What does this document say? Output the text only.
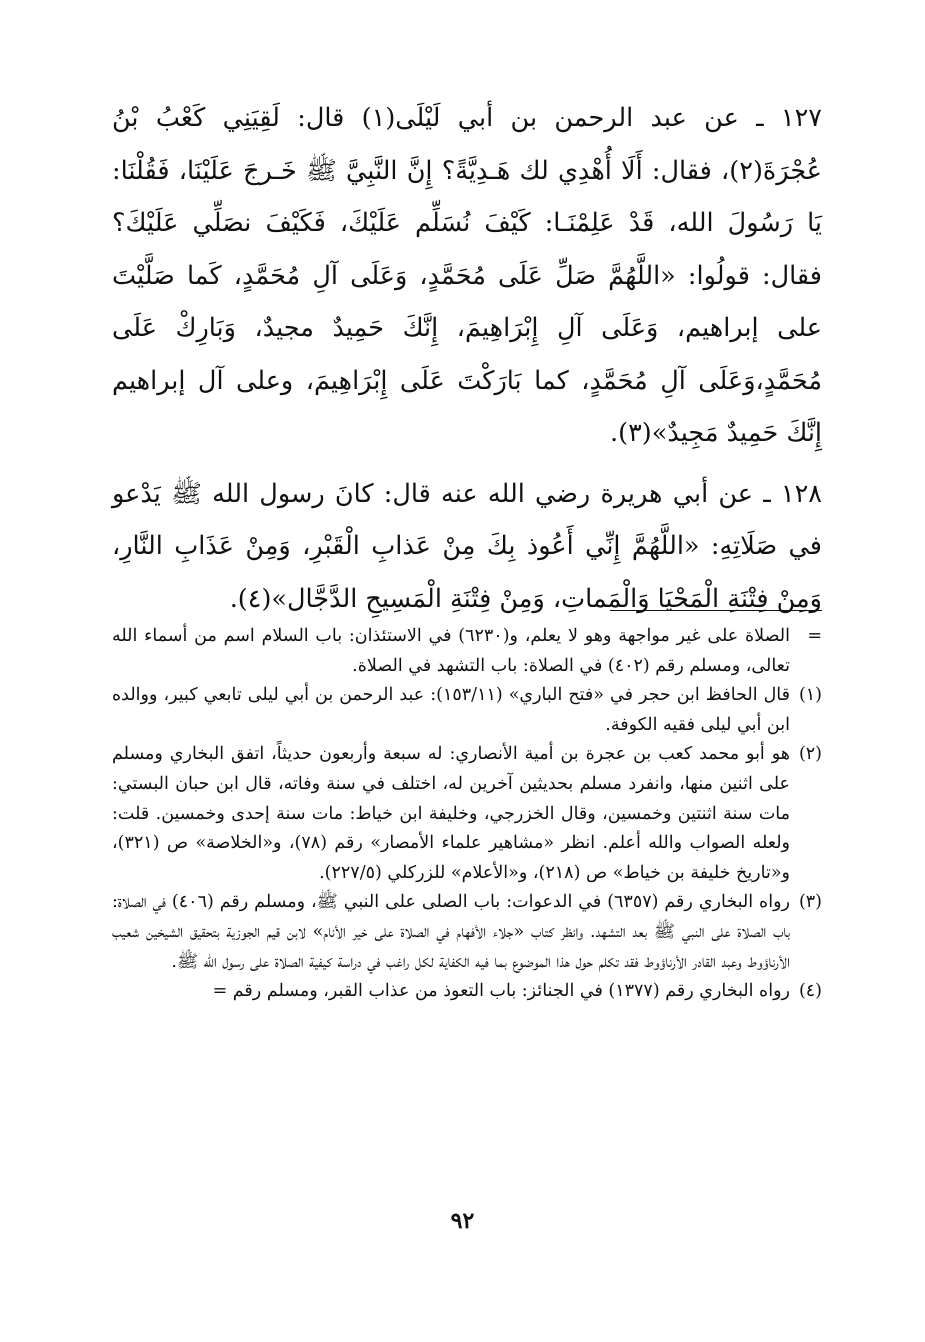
١٢٧ ـ عن عبد الرحمن بن أبي لَيْلَى(١) قال: لَقِيَنِي كَعْبُ بْنُ عُجْرَةَ(٢)، فقال: أَلَا أُهْدِي لك هَـدِيَّةً؟ إِنَّ النَّبِيَّ ﷺ خَـرجَ عَلَيْنَا، فَقُلْنَا: يَا رَسُولَ الله، قَدْ عَلِمْنَـا: كَيْفَ نُسَلِّم عَلَيْكَ، فَكَيْفَ نصَلِّي عَلَيْكَ؟ فقال: قولُوا: «اللَّهُمَّ صَلِّ عَلَى مُحَمَّدٍ، وَعَلَى آلِ مُحَمَّدٍ، كَما صَلَّيْتَ على إبراهيم، وَعَلَى آلِ إِبْرَاهِيمَ، إِنَّكَ حَمِيدٌ مجيدٌ، وَبَارِكْ عَلَى مُحَمَّدٍ،وَعَلَى آلِ مُحَمَّدٍ، كما بَارَكْتَ عَلَى إِبْرَاهِيمَ، وعلى آل إبراهيم إِنَّكَ حَمِيدٌ مَجِيدٌ»(٣).

١٢٨ ـ عن أبي هريرة رضي الله عنه قال: كانَ رسول الله ﷺ يَدْعو في صَلَاتِهِ: «اللَّهُمَّ إِنِّي أَعُوذ بِكَ مِنْ عَذابِ الْقَبْرِ، وَمِنْ عَذَابِ النَّارِ، وَمِنْ فِتْنَةِ الْمَحْيَا وَالْمَماتِ، وَمِنْ فِتْنَةِ الْمَسِيحِ الدَّجَّال»(٤).

=
الصلاة على غير مواجهة وهو لا يعلم، و(٦٢٣٠) في الاستئذان: باب السلام اسم من أسماء الله تعالى، ومسلم رقم (٤٠٢) في الصلاة: باب التشهد في الصلاة.
(١)
قال الحافظ ابن حجر في «فتح الباري» (١٥٣/١١): عبد الرحمن بن أبي ليلى تابعي كبير، ووالده ابن أبي ليلى فقيه الكوفة.
(٢)
هو أبو محمد كعب بن عجرة بن أمية الأنصاري: له سبعة وأربعون حديثاً، اتفق البخاري ومسلم على اثنين منها، وانفرد مسلم بحديثين آخرين له، اختلف في سنة وفاته، قال ابن حبان البستي: مات سنة اثنتين وخمسين، وقال الخزرجي، وخليفة ابن خياط: مات سنة إحدى وخمسين. قلت: ولعله الصواب والله أعلم. انظر «مشاهير علماء الأمصار» رقم (٧٨)، و«الخلاصة» ص (٣٢١)، و«تاريخ خليفة بن خياط» ص (٢١٨)، و«الأعلام» للزركلي (٢٢٧/٥).
(٣)
رواه البخاري رقم (٦٣٥٧) في الدعوات: باب الصلى على النبي ﷺ، ومسلم رقم (٤٠٦) في الصلاة: باب الصلاة على النبي ﷺ بعد التشهد. وانظر كتاب «جلاء الأفهام في الصلاة على خير الأنام» لابن قيم الجوزية بتحقيق الشيخين شعيب الأرناؤوط وعبد القادر الأرناؤوط فقد تكلم حول هذا الموضوع بما فيه الكفاية لكل راغب في دراسة كيفية الصلاة على رسول الله ﷺ.
(٤)
رواه البخاري رقم (١٣٧٧) في الجنائز: باب التعوذ من عذاب القبر، ومسلم رقم =
٩٢
